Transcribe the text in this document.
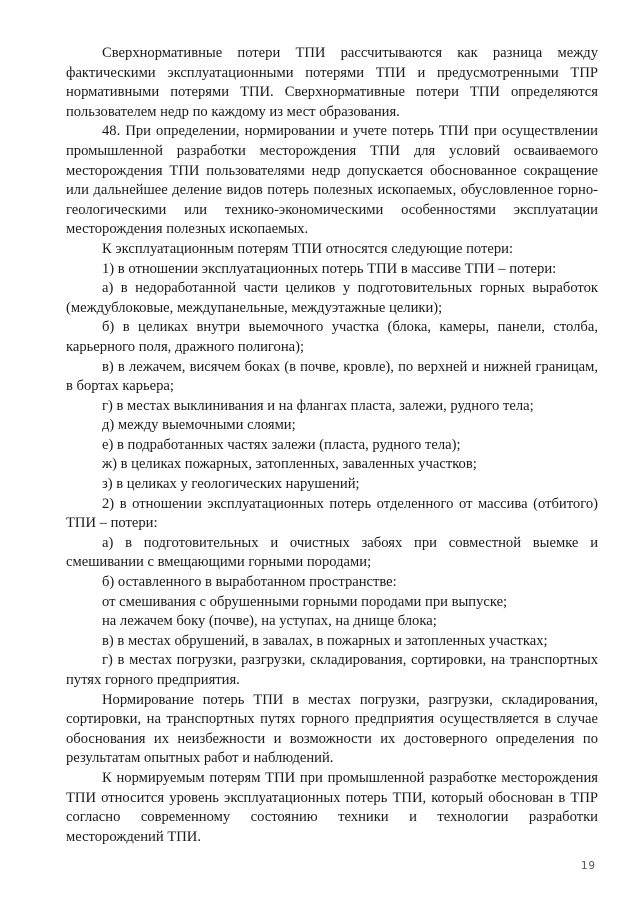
Сверхнормативные потери ТПИ рассчитываются как разница между фактическими эксплуатационными потерями ТПИ и предусмотренными ТПР нормативными потерями ТПИ. Сверхнормативные потери ТПИ определяются пользователем недр по каждому из мест образования.

48. При определении, нормировании и учете потерь ТПИ при осуществлении промышленной разработки месторождения ТПИ для условий осваиваемого месторождения ТПИ пользователями недр допускается обоснованное сокращение или дальнейшее деление видов потерь полезных ископаемых, обусловленное горно-геологическими или технико-экономическими особенностями эксплуатации месторождения полезных ископаемых.

К эксплуатационным потерям ТПИ относятся следующие потери:

1) в отношении эксплуатационных потерь ТПИ в массиве ТПИ – потери:

а) в недоработанной части целиков у подготовительных горных выработок (междублоковые, междупанельные, междуэтажные целики);

б) в целиках внутри выемочного участка (блока, камеры, панели, столба, карьерного поля, дражного полигона);

в) в лежачем, висячем боках (в почве, кровле), по верхней и нижней границам, в бортах карьера;

г) в местах выклинивания и на флангах пласта, залежи, рудного тела;

д) между выемочными слоями;

е) в подработанных частях залежи (пласта, рудного тела);

ж) в целиках пожарных, затопленных, заваленных участков;

з) в целиках у геологических нарушений;

2) в отношении эксплуатационных потерь отделенного от массива (отбитого) ТПИ – потери:

а) в подготовительных и очистных забоях при совместной выемке и смешивании с вмещающими горными породами;

б) оставленного в выработанном пространстве:

от смешивания с обрушенными горными породами при выпуске;

на лежачем боку (почве), на уступах, на днище блока;

в) в местах обрушений, в завалах, в пожарных и затопленных участках;

г) в местах погрузки, разгрузки, складирования, сортировки, на транспортных путях горного предприятия.

Нормирование потерь ТПИ в местах погрузки, разгрузки, складирования, сортировки, на транспортных путях горного предприятия осуществляется в случае обоснования их неизбежности и возможности их достоверного определения по результатам опытных работ и наблюдений.

К нормируемым потерям ТПИ при промышленной разработке месторождения ТПИ относится уровень эксплуатационных потерь ТПИ, который обоснован в ТПР согласно современному состоянию техники и технологии разработки месторождений ТПИ.

19
